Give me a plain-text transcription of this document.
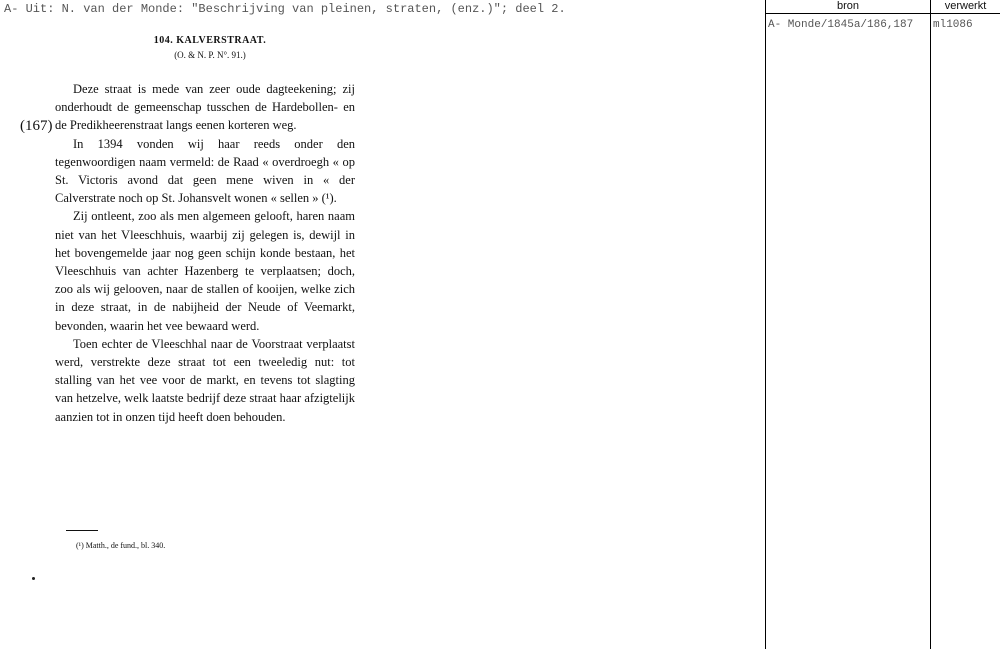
A- Uit: N. van der Monde: "Beschrijving van pleinen, straten, (enz.)"; deel 2.
104. KALVERSTRAAT.
(O. & N. P. N°. 91.)
(167)

Deze straat is mede van zeer oude dagteekening; zij onderhoudt de gemeenschap tusschen de Hardebollen- en de Predikheerenstraat langs eenen korteren weg.

In 1394 vonden wij haar reeds onder den tegenwoordigen naam vermeld: de Raad « overdroegh « op St. Victoris avond dat geen mene wiven in « der Calverstrate noch op St. Johansvelt wonen « sellen » (¹).

Zij ontleent, zoo als men algemeen gelooft, haren naam niet van het Vleeschhuis, waarbij zij gelegen is, dewijl in het bovengemelde jaar nog geen schijn konde bestaan, het Vleeschhuis van achter Hazenberg te verplaatsen; doch, zoo als wij gelooven, naar de stallen of kooijen, welke zich in deze straat, in de nabijheid der Neude of Veemarkt, bevonden, waarin het vee bewaard werd.

Toen echter de Vleeschhal naar de Voorstraat verplaatst werd, verstrekte deze straat tot een tweeledig nut: tot stalling van het vee voor de markt, en tevens tot slagting van hetzelve, welk laatste bedrijf deze straat haar afzigtelijk aanzien tot in onzen tijd heeft doen behouden.

(¹) Matth., de fund., bl. 340.
bron	verwerkt
A- Monde/1845a/186,187 ml1086
